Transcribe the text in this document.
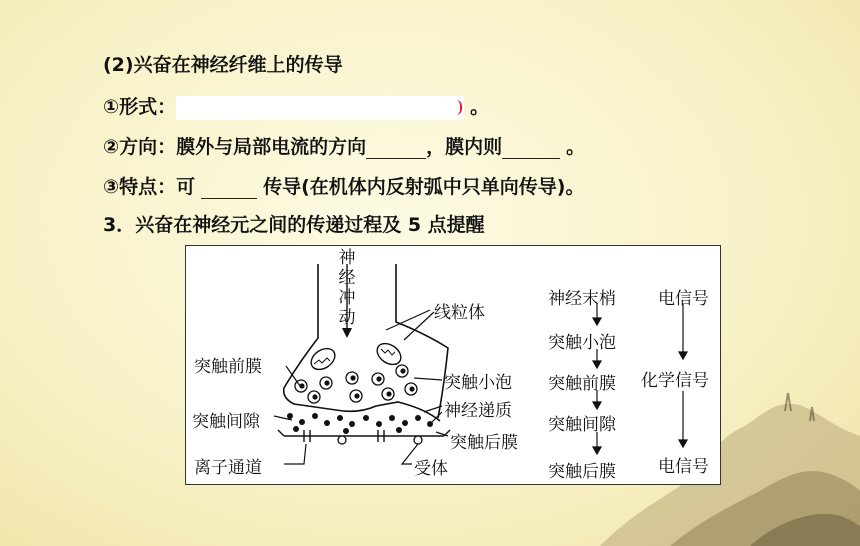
(2)兴奋在神经纤维上的传导
①形式：	。
②方向：膜外与局部电流的方向	，膜内则	。
③特点：可	传导(在机体内反射弧中只单向传导)。
3．兴奋在神经元之间的传递过程及 5 点提醒
神
经
冲
动	线粒体
突触前膜
突触小泡
突触间隙
神经递质
突触后膜
离子通道	受体
神经末梢
突触小泡
突触前膜
突触间隙
突触后膜
电信号
化学信号
电信号
